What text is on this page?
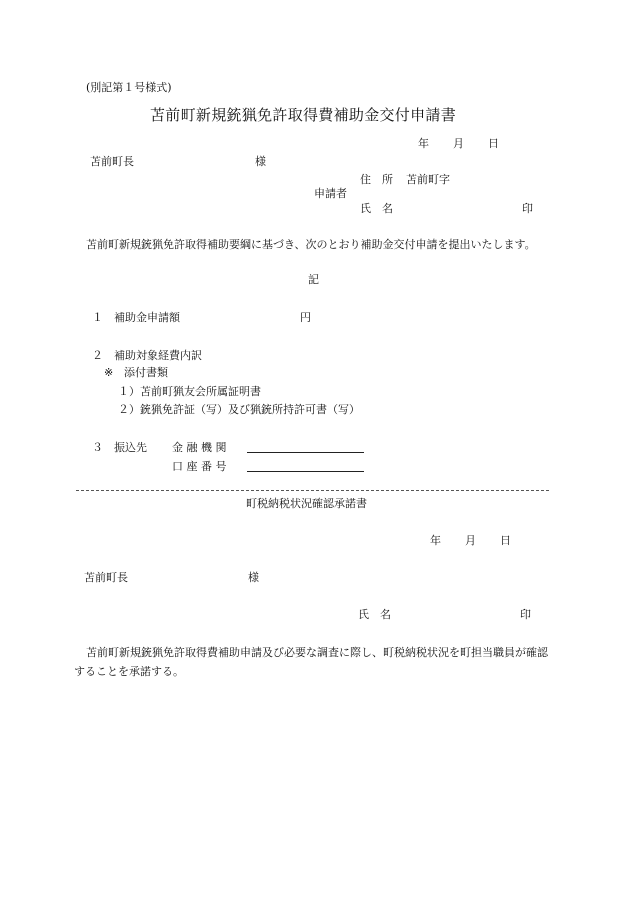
(別記第１号様式)
苫前町新規銃猟免許取得費補助金交付申請書
年 月 日
苫前町長	様
住　所 苫前町字
申請者
氏　名	印
苫前町新規銃猟免許取得補助要綱に基づき、次のとおり補助金交付申請を提出いたします。
記
１ 補助金申請額	円
２ 補助対象経費内訳
※ 添付書類
１）苫前町猟友会所属証明書
２）銃猟免許証（写）及び猟銃所持許可書（写）
３ 振込先 金 融 機 関
口 座 番 号
町税納税状況確認承諾書
年 月 日
苫前町長	様
氏　名	印
苫前町新規銃猟免許取得費補助申請及び必要な調査に際し、町税納税状況を町担当職員が確認することを承諾する。
